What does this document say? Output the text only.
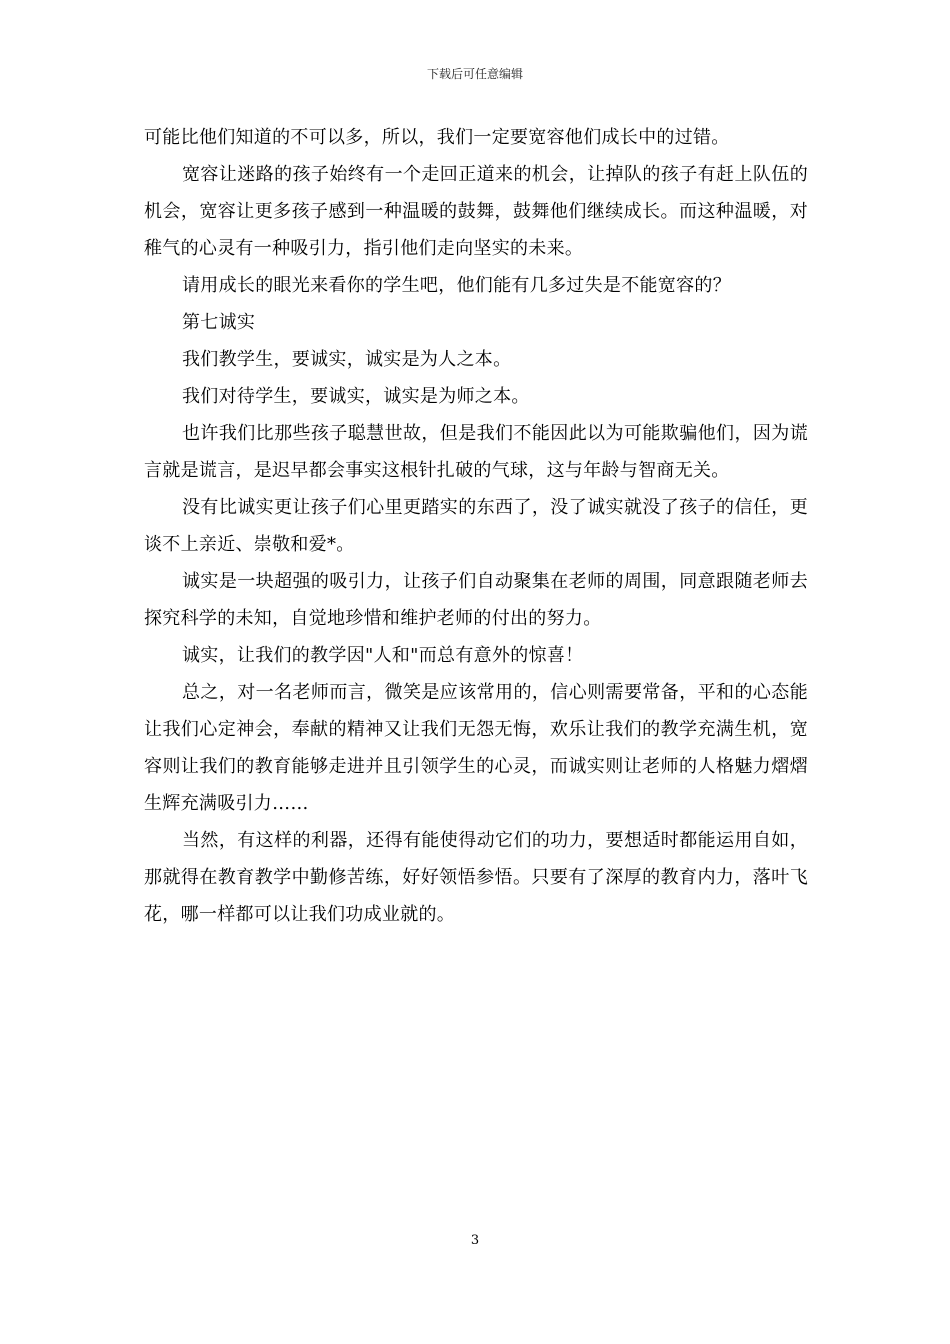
下载后可任意编辑

可能比他们知道的不可以多，所以，我们一定要宽容他们成长中的过错。

宽容让迷路的孩子始终有一个走回正道来的机会，让掉队的孩子有赶上队伍的机会，宽容让更多孩子感到一种温暖的鼓舞，鼓舞他们继续成长。而这种温暖，对稚气的心灵有一种吸引力，指引他们走向坚实的未来。

请用成长的眼光来看你的学生吧，他们能有几多过失是不能宽容的？

第七诚实

我们教学生，要诚实，诚实是为人之本。

我们对待学生，要诚实，诚实是为师之本。

也许我们比那些孩子聪慧世故，但是我们不能因此以为可能欺骗他们，因为谎言就是谎言，是迟早都会事实这根针扎破的气球，这与年龄与智商无关。

没有比诚实更让孩子们心里更踏实的东西了，没了诚实就没了孩子的信任，更谈不上亲近、崇敬和爱*。

诚实是一块超强的吸引力，让孩子们自动聚集在老师的周围，同意跟随老师去探究科学的未知，自觉地珍惜和维护老师的付出的努力。

诚实，让我们的教学因"人和"而总有意外的惊喜！

总之，对一名老师而言，微笑是应该常用的，信心则需要常备，平和的心态能让我们心定神会，奉献的精神又让我们无怨无悔，欢乐让我们的教学充满生机，宽容则让我们的教育能够走进并且引领学生的心灵，而诚实则让老师的人格魅力熠熠生辉充满吸引力……

当然，有这样的利器，还得有能使得动它们的功力，要想适时都能运用自如，那就得在教育教学中勤修苦练，好好领悟参悟。只要有了深厚的教育内力，落叶飞花，哪一样都可以让我们功成业就的。

3
